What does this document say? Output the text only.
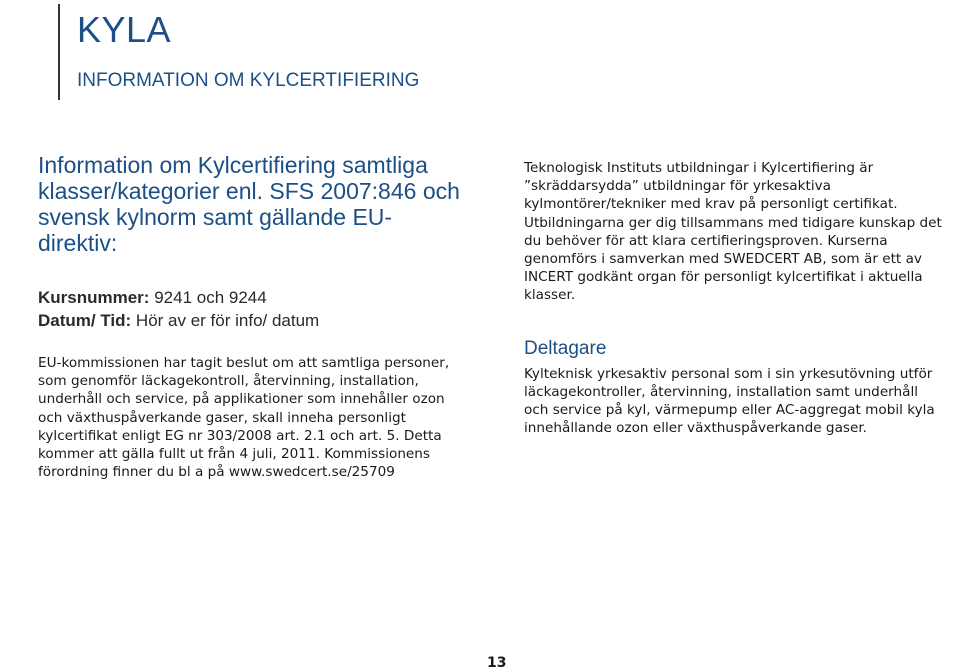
KYLA
INFORMATION OM KYLCERTIFIERING
Information om Kylcertifiering samtliga klasser/kategorier enl. SFS 2007:846 och svensk kylnorm samt gällande EU-direktiv:
Kursnummer: 9241 och 9244
Datum/ Tid: Hör av er för info/ datum

EU-kommissionen har tagit beslut om att samtliga personer, som genomför läckagekontroll, återvinning, installation, underhåll och service, på applikationer som innehåller ozon och växthuspåverkande gaser, skall inneha personligt kylcertifikat enligt EG nr 303/2008 art. 2.1 och art. 5. Detta kommer att gälla fullt ut från 4 juli, 2011. Kommissionens förordning finner du bl a på www.swedcert.se/25709

Teknologisk Instituts utbildningar i Kylcertifiering är ”skräddarsydda” utbildningar för yrkesaktiva kylmontörer/tekniker med krav på personligt certifikat. Utbildningarna ger dig tillsammans med tidigare kunskap det du behöver för att klara certifieringsproven. Kurserna genomförs i samverkan med SWEDCERT AB, som är ett av INCERT godkänt organ för personligt kylcertifikat i aktuella klasser.

Deltagare

Kylteknisk yrkesaktiv personal som i sin yrkesutövning utför läckagekontroller, återvinning, installation samt underhåll och service på kyl, värmepump eller AC-aggregat mobil kyla innehållande ozon eller växthuspåverkande gaser.

13
